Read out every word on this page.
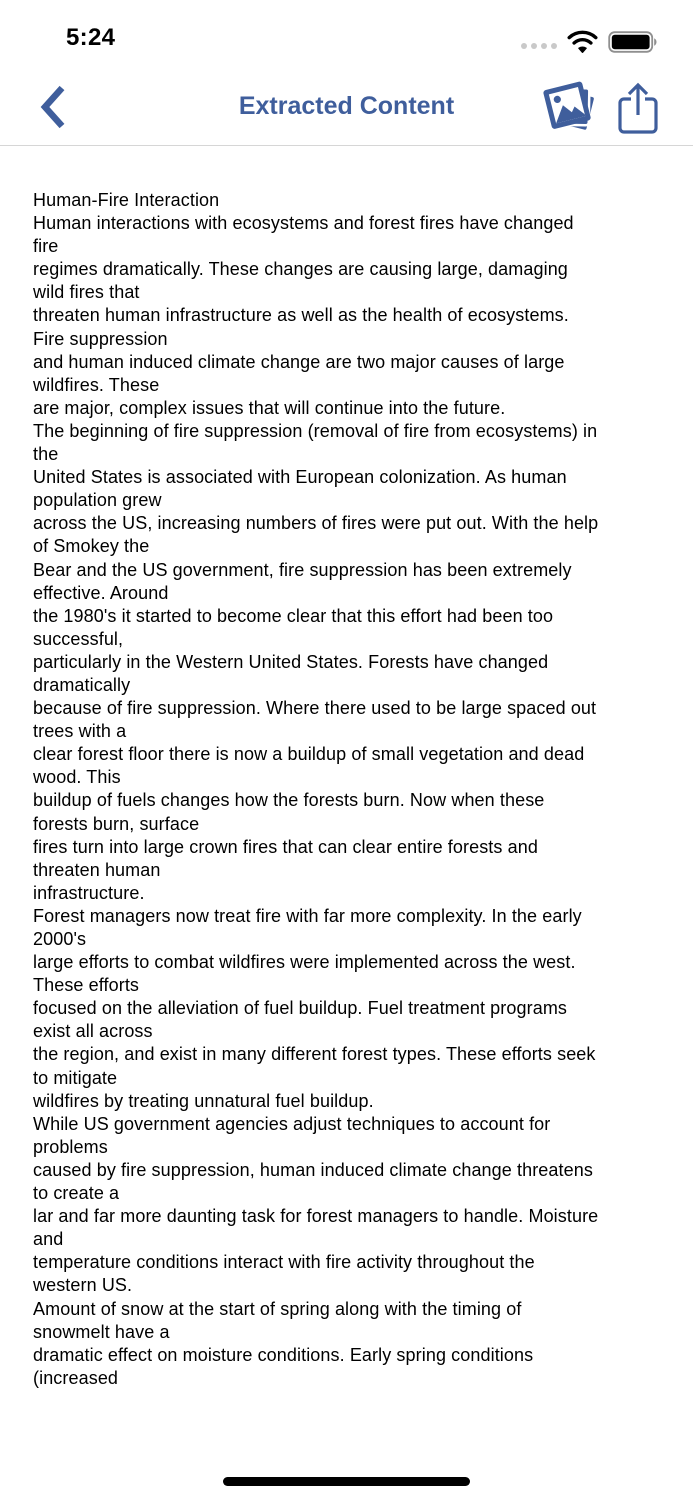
5:24
Extracted Content
Human-Fire Interaction
Human interactions with ecosystems and forest fires have changed
fire
regimes dramatically. These changes are causing large, damaging
wild fires that
threaten human infrastructure as well as the health of ecosystems.
Fire suppression
and human induced climate change are two major causes of large
wildfires. These
are major, complex issues that will continue into the future.
The beginning of fire suppression (removal of fire from ecosystems) in
the
United States is associated with European colonization. As human
population grew
across the US, increasing numbers of fires were put out. With the help
of Smokey the
Bear and the US government, fire suppression has been extremely
effective. Around
the 1980's it started to become clear that this effort had been too
successful,
particularly in the Western United States. Forests have changed
dramatically
because of fire suppression. Where there used to be large spaced out
trees with a
clear forest floor there is now a buildup of small vegetation and dead
wood. This
buildup of fuels changes how the forests burn. Now when these
forests burn, surface
fires turn into large crown fires that can clear entire forests and
threaten human
infrastructure.
Forest managers now treat fire with far more complexity. In the early
2000's
large efforts to combat wildfires were implemented across the west.
These efforts
focused on the alleviation of fuel buildup. Fuel treatment programs
exist all across
the region, and exist in many different forest types. These efforts seek
to mitigate
wildfires by treating unnatural fuel buildup.
While US government agencies adjust techniques to account for
problems
caused by fire suppression, human induced climate change threatens
to create a
lar and far more daunting task for forest managers to handle. Moisture
and
temperature conditions interact with fire activity throughout the
western US.
Amount of snow at the start of spring along with the timing of
snowmelt have a
dramatic effect on moisture conditions. Early spring conditions
(increased
